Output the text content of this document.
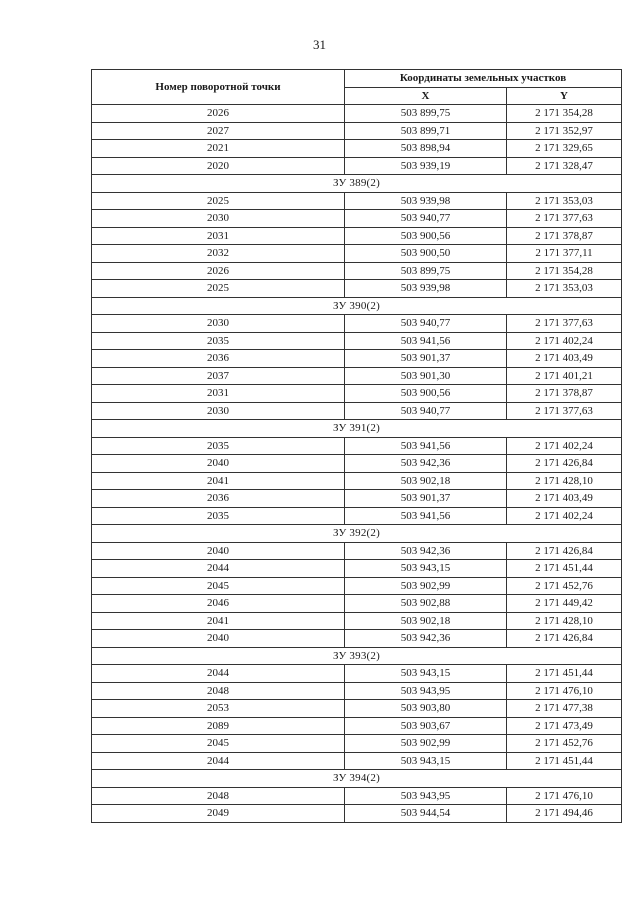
31
Номер поворотной точки	Координаты земельных участков	
	X	Y
2026	503 899,75	2 171 354,28
2027	503 899,71	2 171 352,97
2021	503 898,94	2 171 329,65
2020	503 939,19	2 171 328,47
ЗУ 389(2)		
2025	503 939,98	2 171 353,03
2030	503 940,77	2 171 377,63
2031	503 900,56	2 171 378,87
2032	503 900,50	2 171 377,11
2026	503 899,75	2 171 354,28
2025	503 939,98	2 171 353,03
ЗУ 390(2)		
2030	503 940,77	2 171 377,63
2035	503 941,56	2 171 402,24
2036	503 901,37	2 171 403,49
2037	503 901,30	2 171 401,21
2031	503 900,56	2 171 378,87
2030	503 940,77	2 171 377,63
ЗУ 391(2)		
2035	503 941,56	2 171 402,24
2040	503 942,36	2 171 426,84
2041	503 902,18	2 171 428,10
2036	503 901,37	2 171 403,49
2035	503 941,56	2 171 402,24
ЗУ 392(2)		
2040	503 942,36	2 171 426,84
2044	503 943,15	2 171 451,44
2045	503 902,99	2 171 452,76
2046	503 902,88	2 171 449,42
2041	503 902,18	2 171 428,10
2040	503 942,36	2 171 426,84
ЗУ 393(2)		
2044	503 943,15	2 171 451,44
2048	503 943,95	2 171 476,10
2053	503 903,80	2 171 477,38
2089	503 903,67	2 171 473,49
2045	503 902,99	2 171 452,76
2044	503 943,15	2 171 451,44
ЗУ 394(2)		
2048	503 943,95	2 171 476,10
2049	503 944,54	2 171 494,46
